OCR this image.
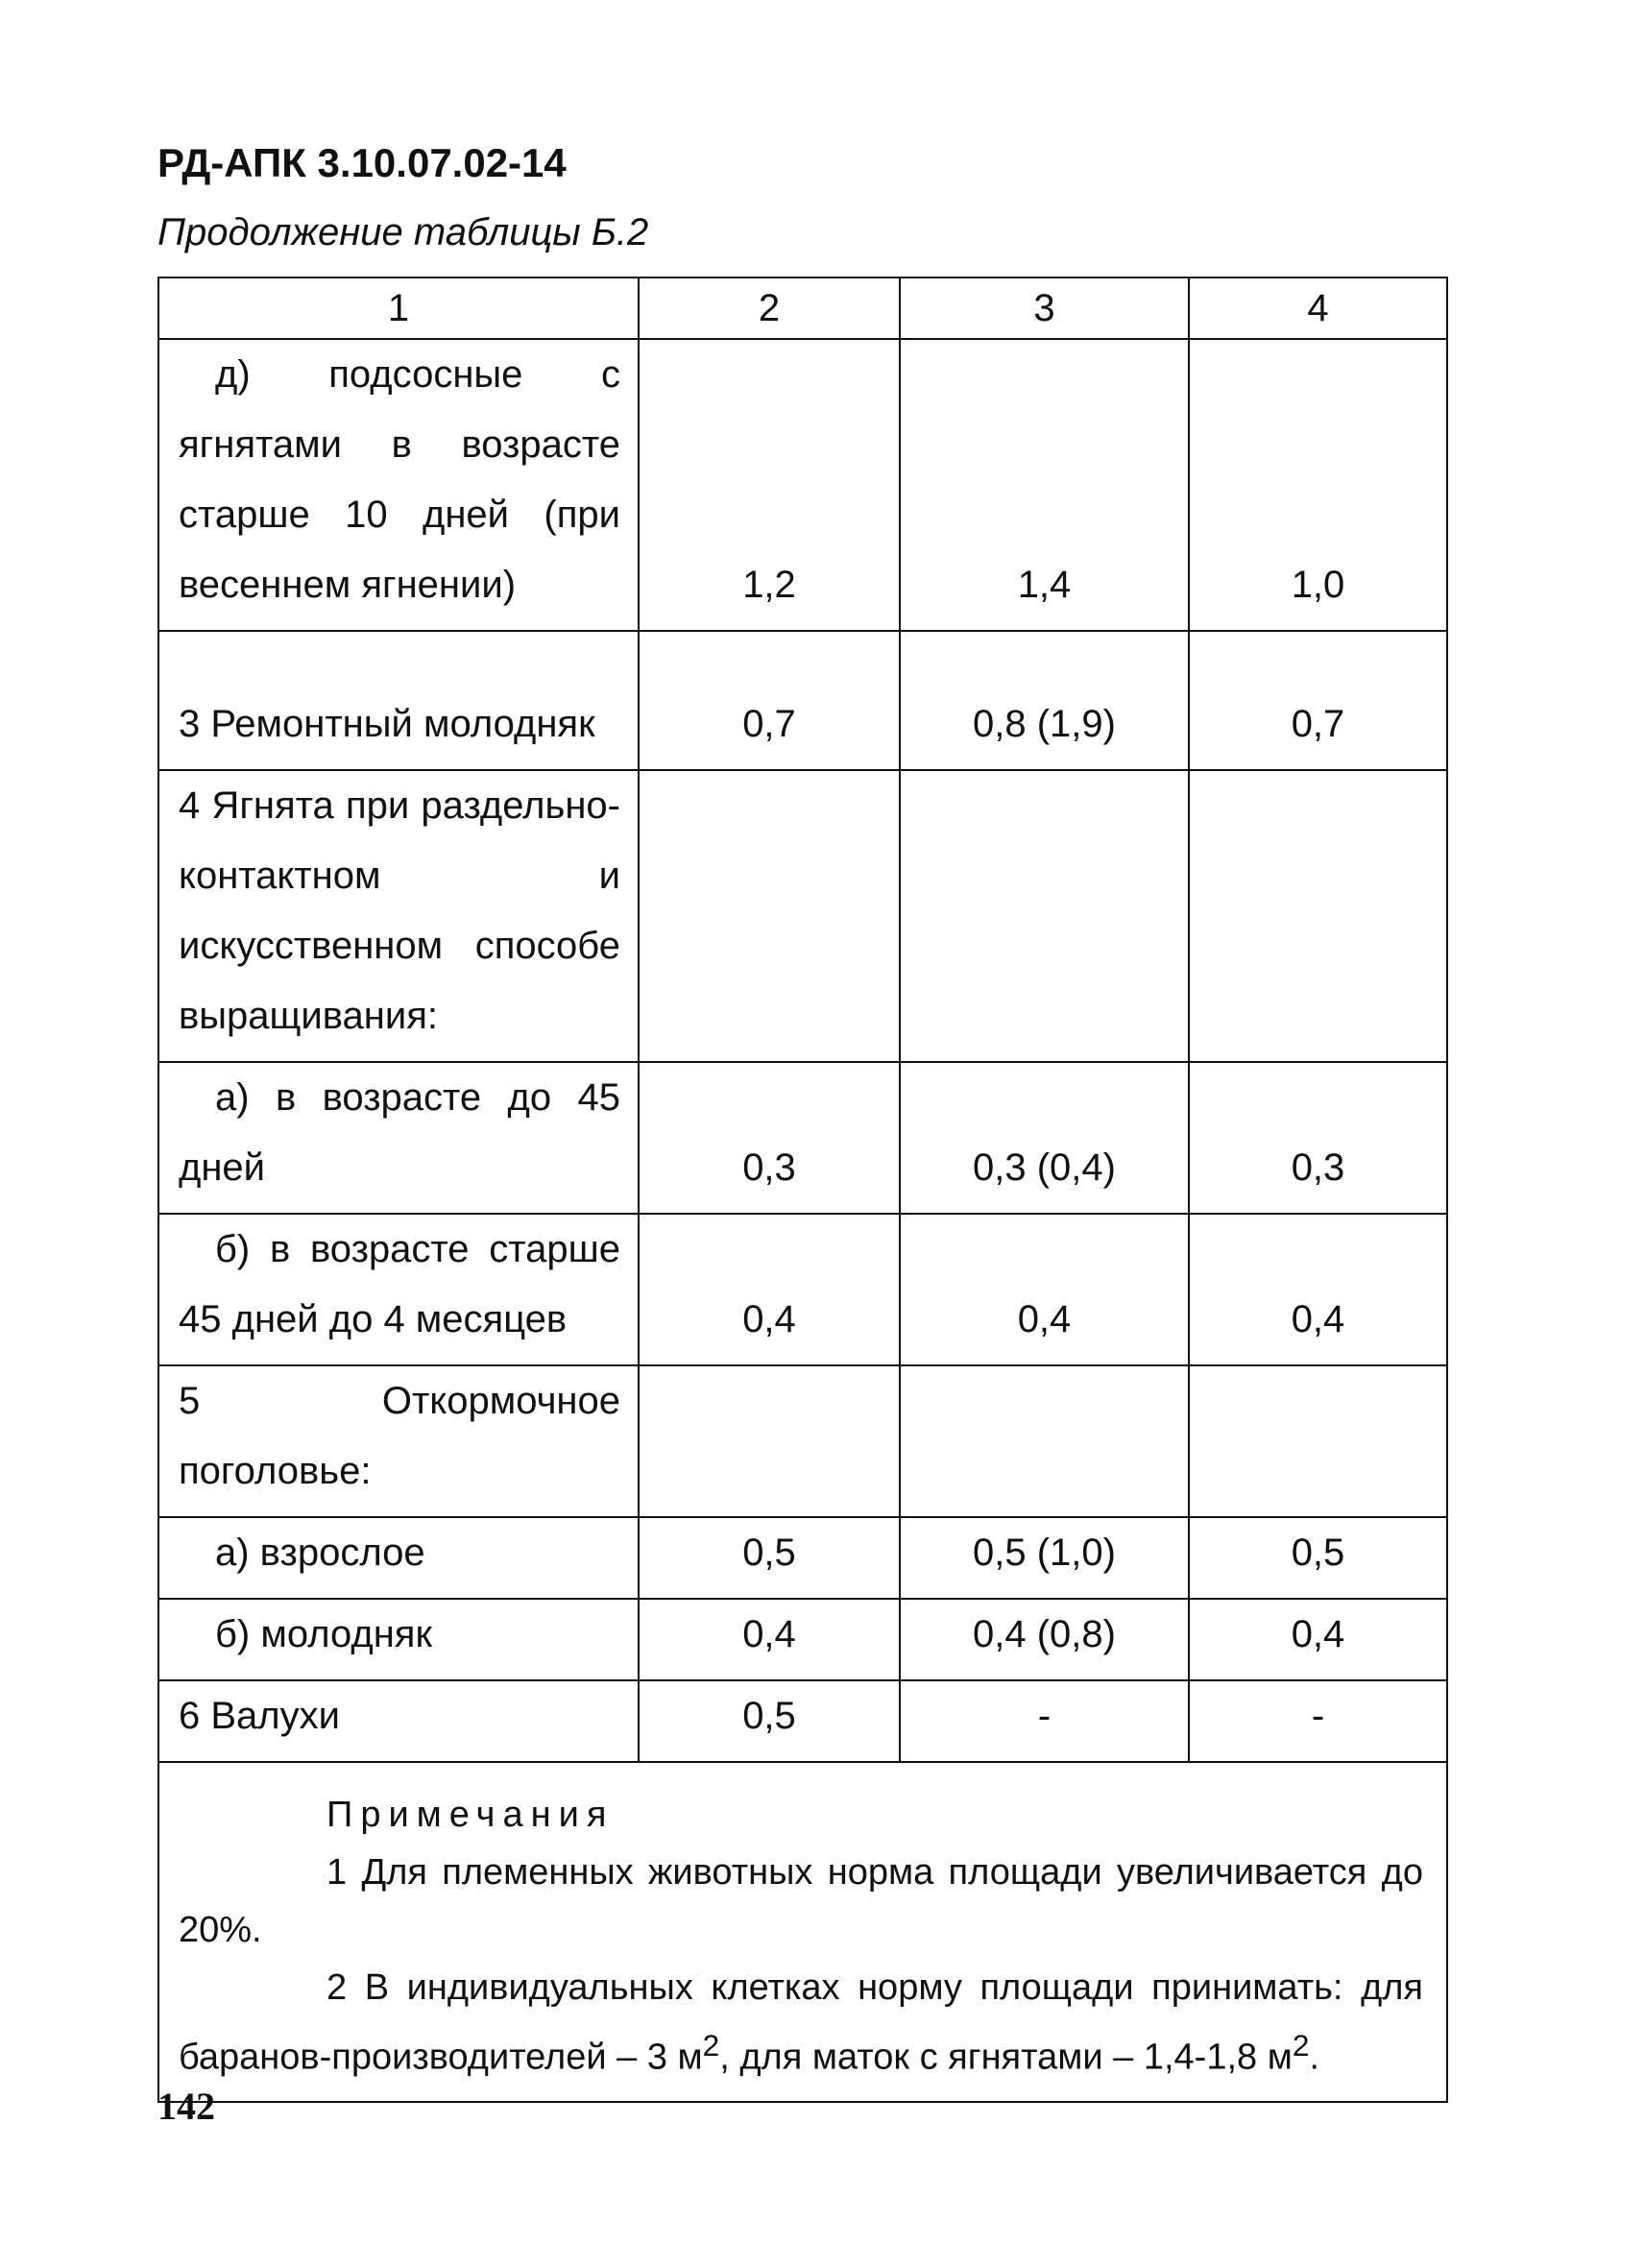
РД-АПК 3.10.07.02-14
Продолжение таблицы Б.2
1	2	3	4

д) подсосные с ягнятами в возрасте старше 10 дней (при весеннем ягнении)	1,2	1,4	1,0
3 Ремонтный молодняк	0,7	0,8 (1,9)	0,7
4 Ягнята при раздельно-контактном и искусственном способе выращивания:			

а) в возрасте до 45 дней	0,3	0,3 (0,4)	0,3

б) в возрасте старше 45 дней до 4 месяцев	0,4	0,4	0,4
5 Откормочное поголовье:			

а) взрослое	0,5	0,5 (1,0)	0,5

б) молодняк	0,4	0,4 (0,8)	0,4
6 Валухи	0,5	-	-

Примечания
1 Для племенных животных норма площади увеличивается до 20%.
2 В индивидуальных клетках норму площади принимать: для баранов-производителей – 3 $м^2$, для маток с ягнятами – 1,4-1,8 $м^2$.			
142
